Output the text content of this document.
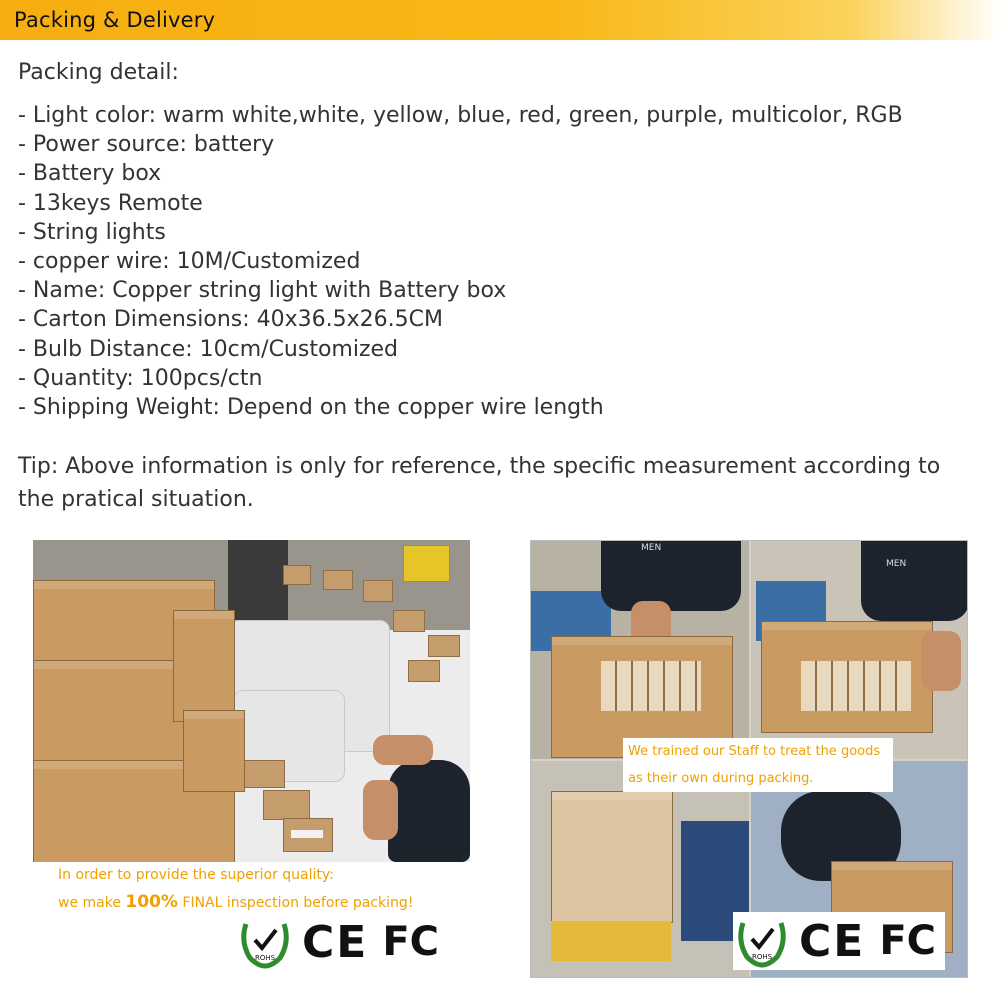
Packing & Delivery
Packing detail:
- Light color: warm white,white, yellow, blue, red, green, purple, multicolor, RGB
- Power source: battery
- Battery box
- 13keys Remote
- String lights
- copper wire: 10M/Customized
- Name: Copper string light with Battery box
- Carton Dimensions: 40x36.5x26.5CM
- Bulb Distance: 10cm/Customized
- Quantity: 100pcs/ctn
- Shipping Weight: Depend on the copper wire length
Tip: Above information is only for reference, the specific measurement according to the pratical situation.
In order to provide the superior quality:
we make 100% FINAL inspection before packing!
ROHS CE FC
MEN
MEN
We trained our Staff to treat the goods
as their own during packing.
ROHS CE FC
